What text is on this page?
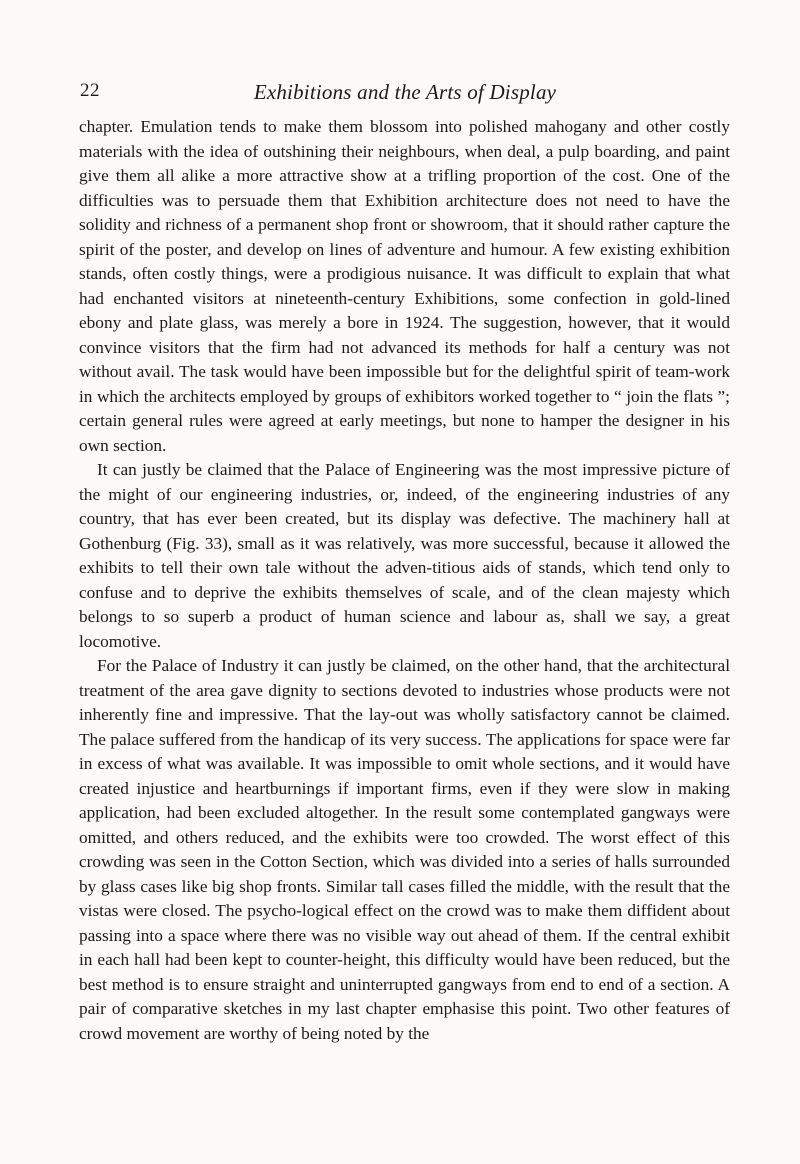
22	Exhibitions and the Arts of Display

chapter. Emulation tends to make them blossom into polished mahogany and other costly materials with the idea of outshining their neighbours, when deal, a pulp boarding, and paint give them all alike a more attractive show at a trifling proportion of the cost. One of the difficulties was to persuade them that Exhibition architecture does not need to have the solidity and richness of a permanent shop front or showroom, that it should rather capture the spirit of the poster, and develop on lines of adventure and humour. A few existing exhibition stands, often costly things, were a prodigious nuisance. It was difficult to explain that what had enchanted visitors at nineteenth-century Exhibitions, some confection in gold-lined ebony and plate glass, was merely a bore in 1924. The suggestion, however, that it would convince visitors that the firm had not advanced its methods for half a century was not without avail. The task would have been impossible but for the delightful spirit of team-work in which the architects employed by groups of exhibitors worked together to “ join the flats ”; certain general rules were agreed at early meetings, but none to hamper the designer in his own section.

It can justly be claimed that the Palace of Engineering was the most impressive picture of the might of our engineering industries, or, indeed, of the engineering industries of any country, that has ever been created, but its display was defective. The machinery hall at Gothenburg (Fig. 33), small as it was relatively, was more successful, because it allowed the exhibits to tell their own tale without the adven-titious aids of stands, which tend only to confuse and to deprive the exhibits themselves of scale, and of the clean majesty which belongs to so superb a product of human science and labour as, shall we say, a great locomotive.

For the Palace of Industry it can justly be claimed, on the other hand, that the architectural treatment of the area gave dignity to sections devoted to industries whose products were not inherently fine and impressive. That the lay-out was wholly satisfactory cannot be claimed. The palace suffered from the handicap of its very success. The applications for space were far in excess of what was available. It was impossible to omit whole sections, and it would have created injustice and heartburnings if important firms, even if they were slow in making application, had been excluded altogether. In the result some contemplated gangways were omitted, and others reduced, and the exhibits were too crowded. The worst effect of this crowding was seen in the Cotton Section, which was divided into a series of halls surrounded by glass cases like big shop fronts. Similar tall cases filled the middle, with the result that the vistas were closed. The psycho-logical effect on the crowd was to make them diffident about passing into a space where there was no visible way out ahead of them. If the central exhibit in each hall had been kept to counter-height, this difficulty would have been reduced, but the best method is to ensure straight and uninterrupted gangways from end to end of a section. A pair of comparative sketches in my last chapter emphasise this point. Two other features of crowd movement are worthy of being noted by the
